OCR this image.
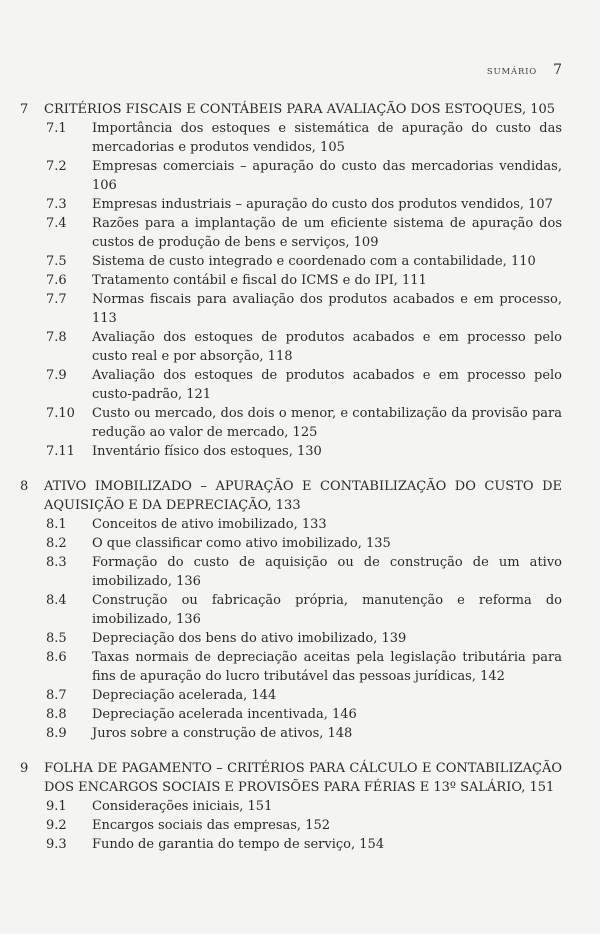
SUMÁRIO 7
7	CRITÉRIOS FISCAIS E CONTÁBEIS PARA AVALIAÇÃO DOS ESTOQUES, 105
7.1	Importância dos estoques e sistemática de apuração do custo das mercadorias e produtos vendidos, 105
7.2	Empresas comerciais – apuração do custo das mercadorias vendidas, 106
7.3	Empresas industriais – apuração do custo dos produtos vendidos, 107
7.4	Razões para a implantação de um eficiente sistema de apuração dos custos de produção de bens e serviços, 109
7.5	Sistema de custo integrado e coordenado com a contabilidade, 110
7.6	Tratamento contábil e fiscal do ICMS e do IPI, 111
7.7	Normas fiscais para avaliação dos produtos acabados e em processo, 113
7.8	Avaliação dos estoques de produtos acabados e em processo pelo custo real e por absorção, 118
7.9	Avaliação dos estoques de produtos acabados e em processo pelo custo-padrão, 121
7.10	Custo ou mercado, dos dois o menor, e contabilização da provisão para redução ao valor de mercado, 125
7.11	Inventário físico dos estoques, 130
8	ATIVO IMOBILIZADO – APURAÇÃO E CONTABILIZAÇÃO DO CUSTO DE AQUISIÇÃO E DA DEPRECIAÇÃO, 133
8.1	Conceitos de ativo imobilizado, 133
8.2	O que classificar como ativo imobilizado, 135
8.3	Formação do custo de aquisição ou de construção de um ativo imobilizado, 136
8.4	Construção ou fabricação própria, manutenção e reforma do imobilizado, 136
8.5	Depreciação dos bens do ativo imobilizado, 139
8.6	Taxas normais de depreciação aceitas pela legislação tributária para fins de apuração do lucro tributável das pessoas jurídicas, 142
8.7	Depreciação acelerada, 144
8.8	Depreciação acelerada incentivada, 146
8.9	Juros sobre a construção de ativos, 148
9	FOLHA DE PAGAMENTO – CRITÉRIOS PARA CÁLCULO E CONTABILIZAÇÃO DOS ENCARGOS SOCIAIS E PROVISÕES PARA FÉRIAS E 13º SALÁRIO, 151
9.1	Considerações iniciais, 151
9.2	Encargos sociais das empresas, 152
9.3	Fundo de garantia do tempo de serviço, 154
